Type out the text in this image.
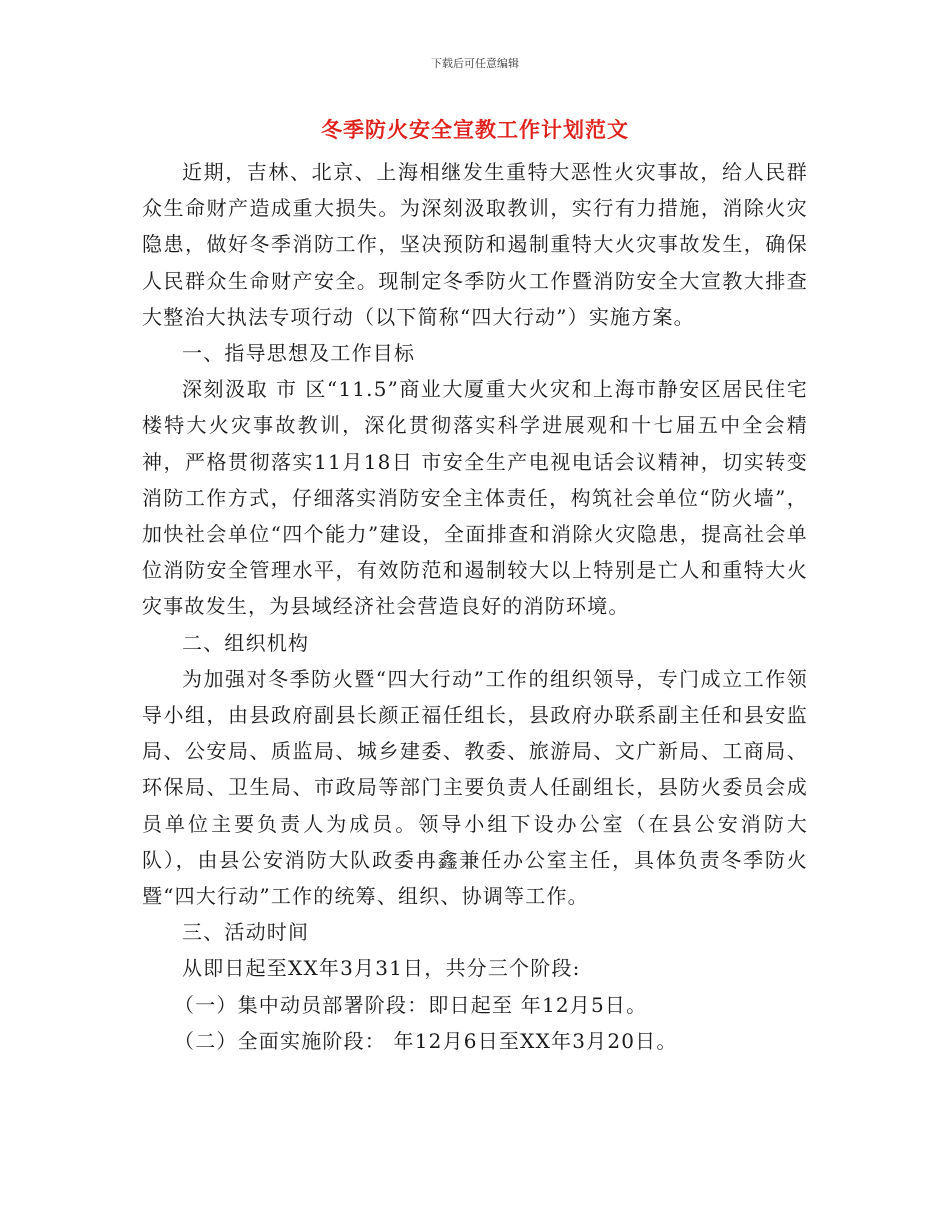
下载后可任意编辑
冬季防火安全宣教工作计划范文

近期，吉林、北京、上海相继发生重特大恶性火灾事故，给人民群众生命财产造成重大损失。为深刻汲取教训，实行有力措施，消除火灾隐患，做好冬季消防工作，坚决预防和遏制重特大火灾事故发生，确保人民群众生命财产安全。现制定冬季防火工作暨消防安全大宣教大排查大整治大执法专项行动（以下简称“四大行动”）实施方案。

一、指导思想及工作目标

深刻汲取 市 区“11.5”商业大厦重大火灾和上海市静安区居民住宅楼特大火灾事故教训，深化贯彻落实科学进展观和十七届五中全会精神，严格贯彻落实11月18日 市安全生产电视电话会议精神，切实转变消防工作方式，仔细落实消防安全主体责任，构筑社会单位“防火墙”，加快社会单位“四个能力”建设，全面排查和消除火灾隐患，提高社会单位消防安全管理水平，有效防范和遏制较大以上特别是亡人和重特大火灾事故发生，为县域经济社会营造良好的消防环境。

二、组织机构

为加强对冬季防火暨“四大行动”工作的组织领导，专门成立工作领导小组，由县政府副县长颜正福任组长，县政府办联系副主任和县安监局、公安局、质监局、城乡建委、教委、旅游局、文广新局、工商局、环保局、卫生局、市政局等部门主要负责人任副组长，县防火委员会成员单位主要负责人为成员。领导小组下设办公室（在县公安消防大队），由县公安消防大队政委冉鑫兼任办公室主任，具体负责冬季防火暨“四大行动”工作的统筹、组织、协调等工作。

三、活动时间

从即日起至XX年3月31日，共分三个阶段:

（一）集中动员部署阶段：即日起至 年12月5日。

（二）全面实施阶段： 年12月6日至XX年3月20日。
